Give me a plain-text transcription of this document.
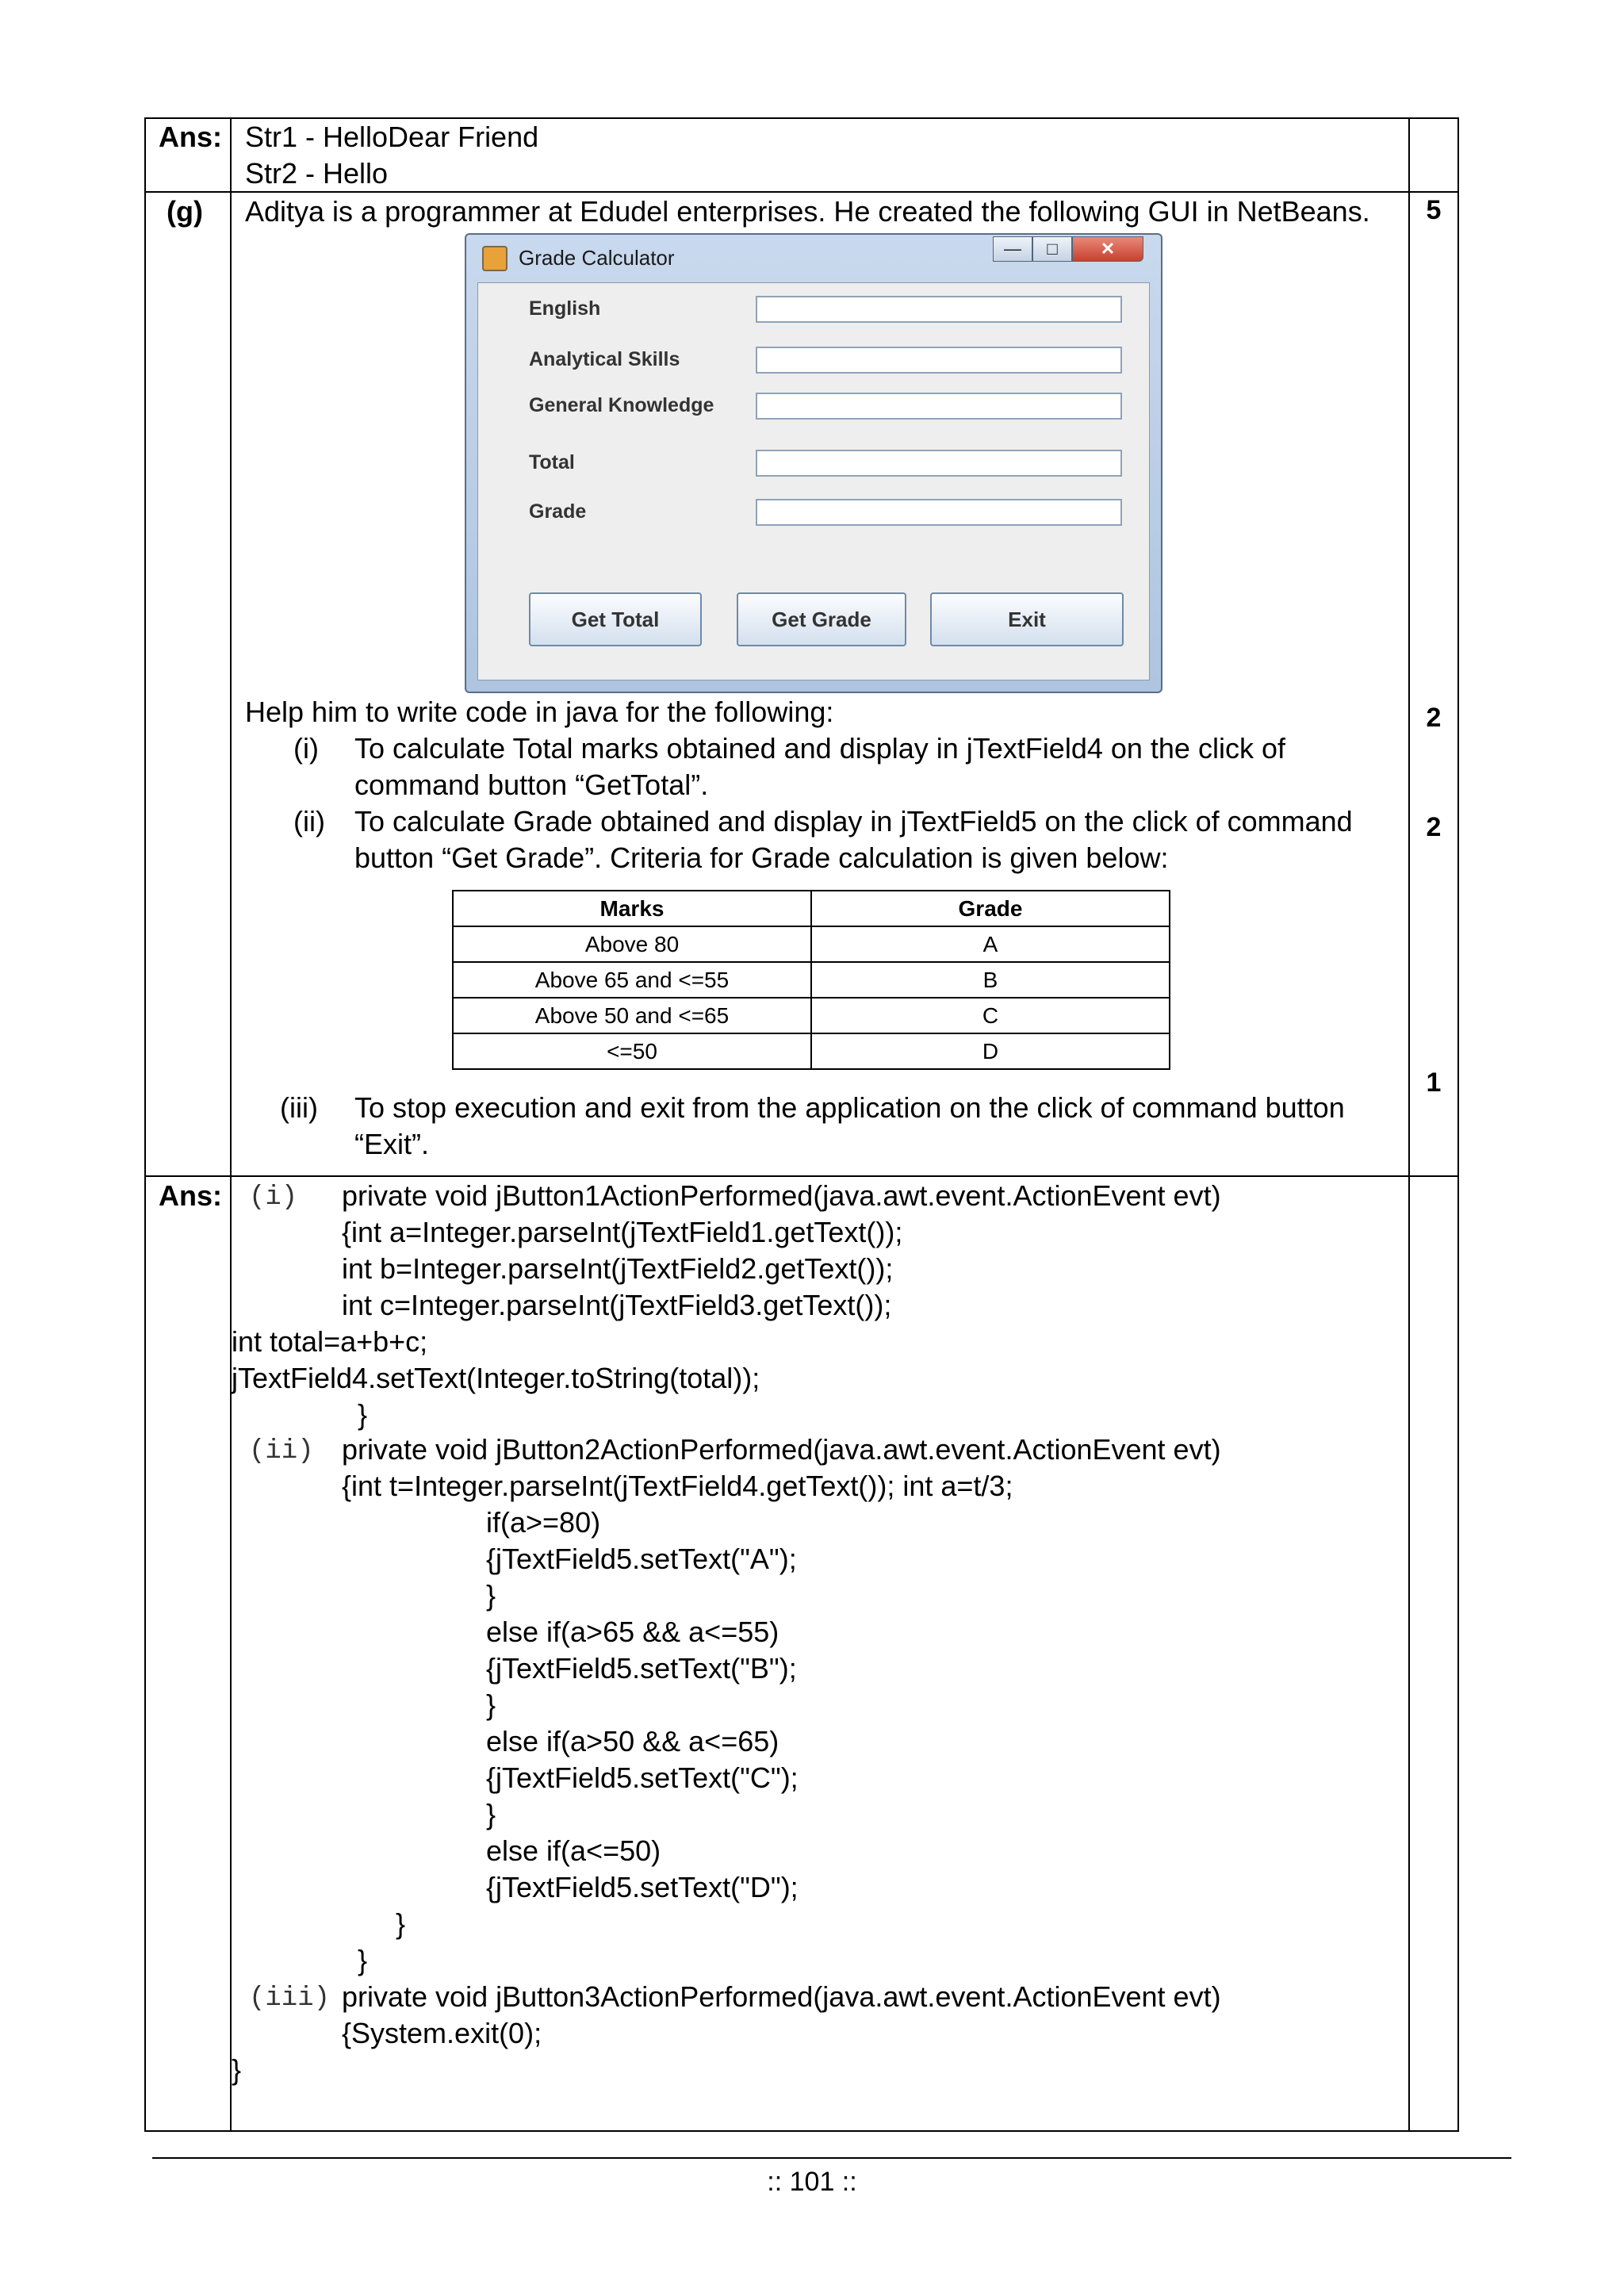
Ans: Str1 - HelloDear Friend
Str2 - Hello
(g) Aditya is a programmer at Edudel enterprises. He created the following GUI in NetBeans.	5
Grade Calculator	—	□	✕
English
Analytical Skills
General Knowledge
Total
Grade
Get Total	Get Grade	Exit
Help him to write code in java for the following:	2
(i) To calculate Total marks obtained and display in jTextField4 on the click of
command button “GetTotal”.
(ii) To calculate Grade obtained and display in jTextField5 on the click of command
button “Get Grade”. Criteria for Grade calculation is given below:
2
Marks	Grade
Above 80	A
Above 65 and <=55	B
Above 50 and <=65	C
<=50	D
1
(iii) To stop execution and exit from the application on the click of command button
“Exit”.
Ans: (i) private void jButton1ActionPerformed(java.awt.event.ActionEvent evt)
{int a=Integer.parseInt(jTextField1.getText());
int b=Integer.parseInt(jTextField2.getText());
int c=Integer.parseInt(jTextField3.getText());
int total=a+b+c;
jTextField4.setText(Integer.toString(total));
}
(ii) private void jButton2ActionPerformed(java.awt.event.ActionEvent evt)
{int t=Integer.parseInt(jTextField4.getText()); int a=t/3;
if(a>=80)
{jTextField5.setText("A");
}
else if(a>65 && a<=55)
{jTextField5.setText("B");
}
else if(a>50 && a<=65)
{jTextField5.setText("C");
}
else if(a<=50)
{jTextField5.setText("D");
}
}
(iii) private void jButton3ActionPerformed(java.awt.event.ActionEvent evt)
{System.exit(0);
}
:: 101 ::
